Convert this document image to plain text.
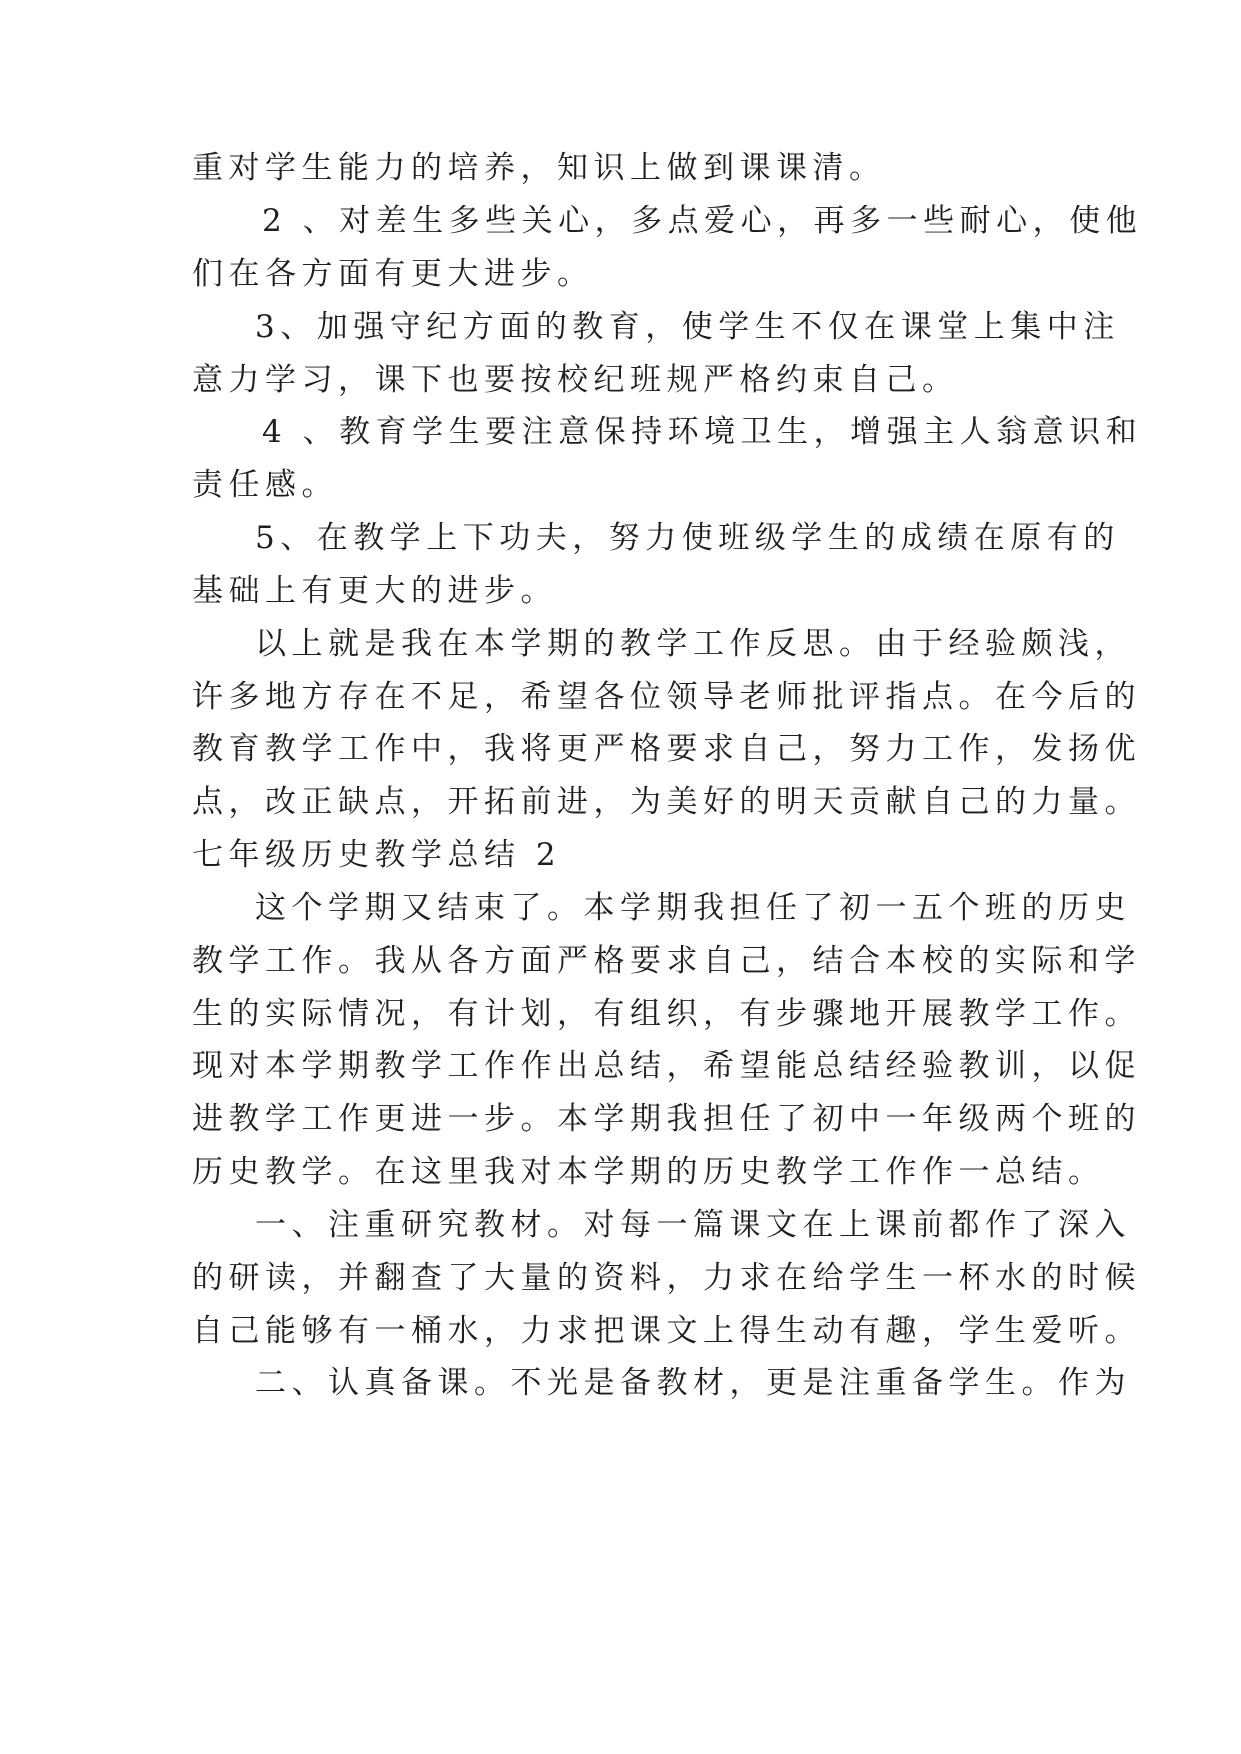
重对学生能力的培养，知识上做到课课清。

2 、对差生多些关心，多点爱心，再多一些耐心，使他

们在各方面有更大进步。

3、加强守纪方面的教育，使学生不仅在课堂上集中注

意力学习，课下也要按校纪班规严格约束自己。

4 、教育学生要注意保持环境卫生，增强主人翁意识和

责任感。

5、在教学上下功夫，努力使班级学生的成绩在原有的

基础上有更大的进步。

以上就是我在本学期的教学工作反思。由于经验颇浅，

许多地方存在不足，希望各位领导老师批评指点。在今后的

教育教学工作中，我将更严格要求自己，努力工作，发扬优

点，改正缺点，开拓前进，为美好的明天贡献自己的力量。

七年级历史教学总结 2

这个学期又结束了。本学期我担任了初一五个班的历史

教学工作。我从各方面严格要求自己，结合本校的实际和学

生的实际情况，有计划，有组织，有步骤地开展教学工作。

现对本学期教学工作作出总结，希望能总结经验教训，以促

进教学工作更进一步。本学期我担任了初中一年级两个班的

历史教学。在这里我对本学期的历史教学工作作一总结。

一、注重研究教材。对每一篇课文在上课前都作了深入

的研读，并翻查了大量的资料，力求在给学生一杯水的时候

自己能够有一桶水，力求把课文上得生动有趣，学生爱听。

二、认真备课。不光是备教材，更是注重备学生。作为
